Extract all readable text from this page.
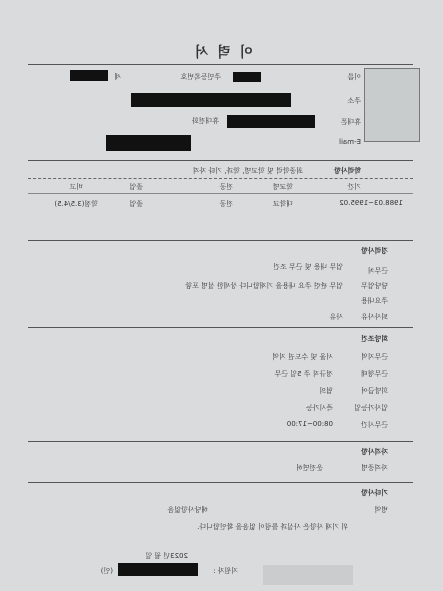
이 력 서
이름
주소
휴대폰
E-mail
주민등록번호
세
휴대전화
학력사항
최종학력 및 학교명, 학과, 기타 자격
기간
학교명
전공
졸업
비고
1988.03~1995.02
대학교
전공
졸업
학점(3.5/4.5)
경력사항
근무처
담당업무
업무 내용 및 근무 조건
주요내용
업무 관련 주요 내용을 기재합니다 상세한 설명 포함
퇴사사유
사유
희망조건
근무지역
서울 및 수도권 지역
근무형태
정규직 주 5일 근무
희망급여
협의
입사가능일
즉시가능
근무시간
08:00~17:00
자격사항
자격증명
운전면허
기타사항
병역
해당사항없음
위 기재 사항은 사실과 틀림이 없음을 확인합니다.
2023년 월 일
지원자 :
(인)
